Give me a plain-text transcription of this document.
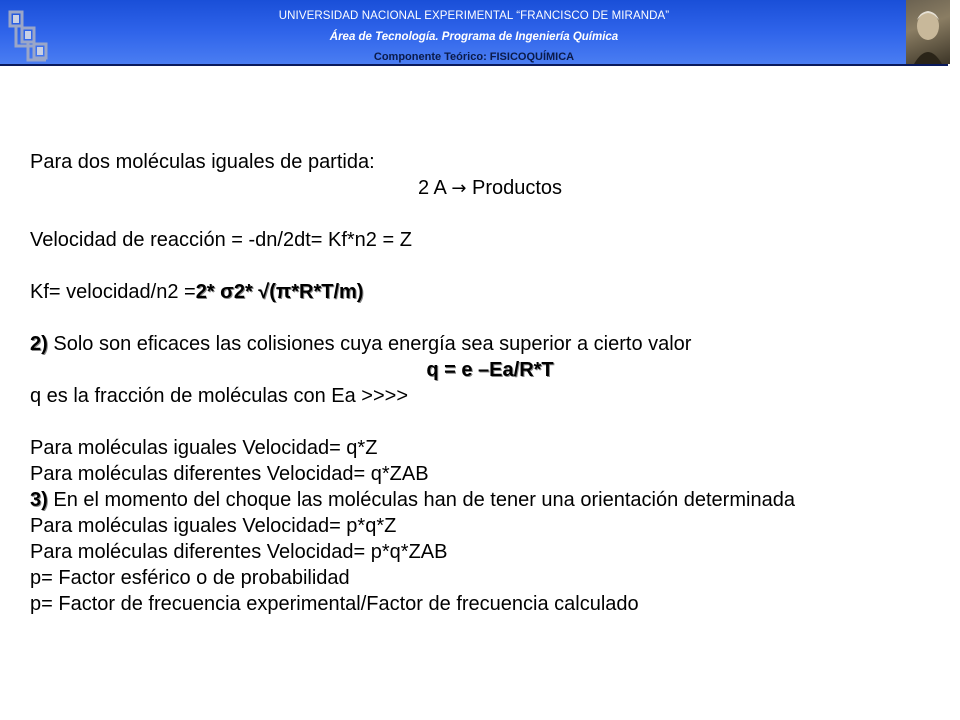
UNIVERSIDAD NACIONAL EXPERIMENTAL “FRANCISCO DE MIRANDA”
Área de Tecnología. Programa de Ingeniería Química
Componente Teórico: FISICOQUÍMICA
Para dos moléculas iguales de partida:
2 A → Productos
Velocidad de reacción = -dn/2dt= Kf*n2 = Z
Kf= velocidad/n2 =2* σ2* √(π*R*T/m)
2) Solo son eficaces las colisiones cuya energía sea superior a cierto valor
q = e –Ea/R*T
q es la fracción de moléculas con Ea >>>>
Para moléculas iguales Velocidad= q*Z
Para moléculas diferentes Velocidad= q*ZAB
3) En el momento del choque las moléculas han de tener una orientación determinada
Para moléculas iguales Velocidad= p*q*Z
Para moléculas diferentes Velocidad= p*q*ZAB
p= Factor esférico o de probabilidad
p= Factor de frecuencia experimental/Factor de frecuencia calculado
